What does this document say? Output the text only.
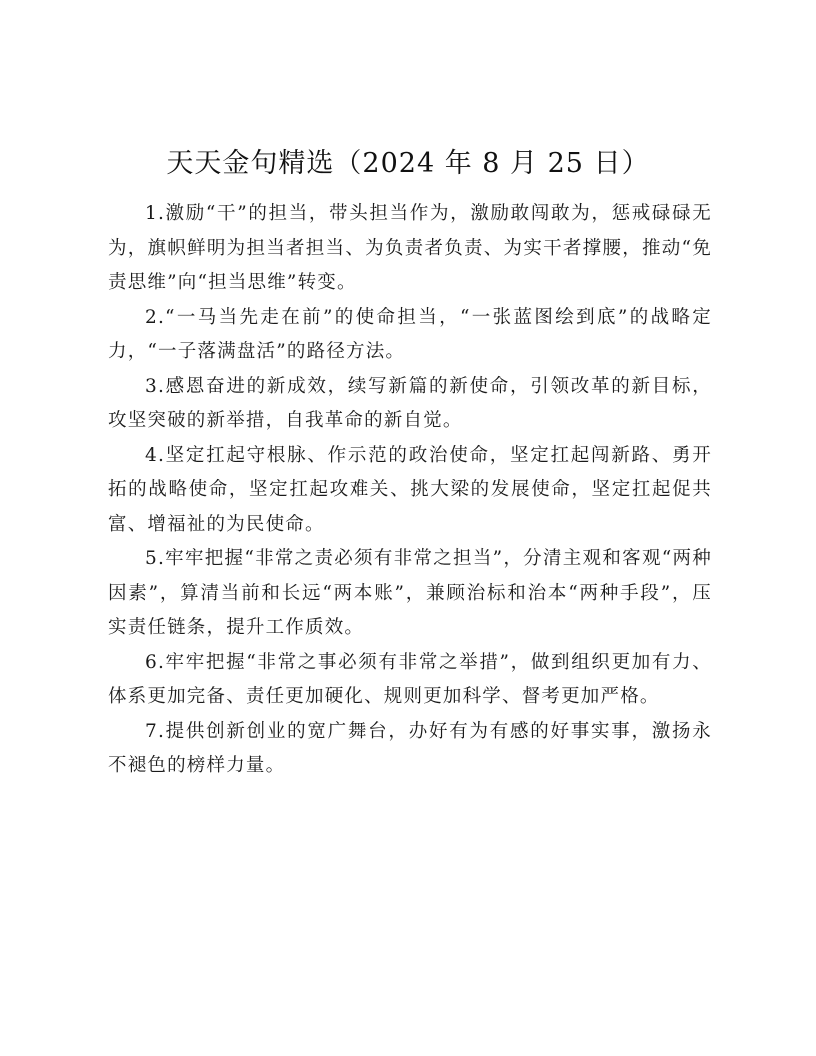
天天金句精选（2024 年 8 月 25 日）

1.激励“干”的担当，带头担当作为，激励敢闯敢为，惩戒碌碌无为，旗帜鲜明为担当者担当、为负责者负责、为实干者撑腰，推动“免责思维”向“担当思维”转变。

2.“一马当先走在前”的使命担当，“一张蓝图绘到底”的战略定力，“一子落满盘活”的路径方法。

3.感恩奋进的新成效，续写新篇的新使命，引领改革的新目标，攻坚突破的新举措，自我革命的新自觉。

4.坚定扛起守根脉、作示范的政治使命，坚定扛起闯新路、勇开拓的战略使命，坚定扛起攻难关、挑大梁的发展使命，坚定扛起促共富、增福祉的为民使命。

5.牢牢把握“非常之责必须有非常之担当”，分清主观和客观“两种因素”，算清当前和长远“两本账”，兼顾治标和治本“两种手段”，压实责任链条，提升工作质效。

6.牢牢把握“非常之事必须有非常之举措”，做到组织更加有力、体系更加完备、责任更加硬化、规则更加科学、督考更加严格。

7.提供创新创业的宽广舞台，办好有为有感的好事实事，激扬永不褪色的榜样力量。
